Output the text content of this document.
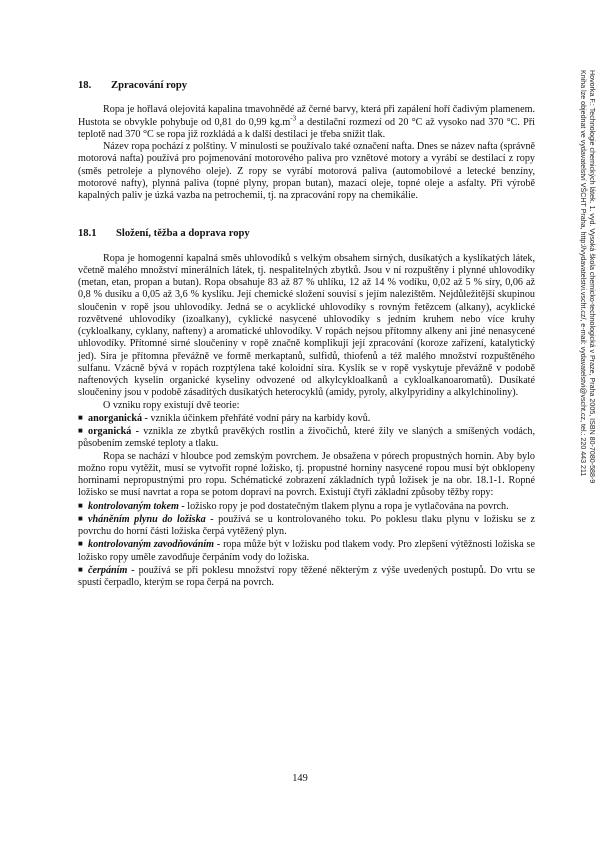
18.	Zpracování ropy

Ropa je hořlavá olejovitá kapalina tmavohnědé až černé barvy, která při zapálení hoří čadivým plamenem. Hustota se obvykle pohybuje od 0,81 do 0,99 $kg.m^{-3}$ a destilační rozmezí od 20 °C až vysoko nad 370 °C. Při teplotě nad 370 °C se ropa již rozkládá a k další destilaci je třeba snížit tlak.

Název ropa pochází z polštiny. V minulosti se používalo také označení nafta. Dnes se název nafta (správně motorová nafta) používá pro pojmenování motorového paliva pro vznětové motory a vyrábí se destilací z ropy (směs petroleje a plynového oleje). Z ropy se vyrábí motorová paliva (automobilové a letecké benzíny, motorové nafty), plynná paliva (topné plyny, propan butan), mazací oleje, topné oleje a asfalty. Při výrobě kapalných paliv je úzká vazba na petrochemii, tj. na zpracování ropy na chemikálie.

18.1	Složení, těžba a doprava ropy

Ropa je homogenní kapalná směs uhlovodíků s velkým obsahem sirných, dusíkatých a kyslíkatých látek, včetně malého množství minerálních látek, tj. nespalitelných zbytků. Jsou v ní rozpuštěny i plynné uhlovodíky (metan, etan, propan a butan). Ropa obsahuje 83 až 87 % uhlíku, 12 až 14 % vodíku, 0,02 až 5 % síry, 0,06 až 0,8 % dusíku a 0,05 až 3,6 % kyslíku. Její chemické složení souvisí s jejím nalezištěm. Nejdůležitější skupinou sloučenin v ropě jsou uhlovodíky. Jedná se o acyklické uhlovodíky s rovným řetězcem (alkany), acyklické rozvětvené uhlovodíky (izoalkany), cyklické nasycené uhlovodíky s jedním kruhem nebo více kruhy (cykloalkany, cyklany, nafteny) a aromatické uhlovodíky. V ropách nejsou přítomny alkeny ani jiné nenasycené uhlovodíky. Přítomné sirné sloučeniny v ropě značně komplikují její zpracování (koroze zařízení, katalytický jed). Síra je přítomna převážně ve formě merkaptanů, sulfidů, thiofenů a též malého množství rozpuštěného sulfanu. Vzácně bývá v ropách rozptýlena také koloidní síra. Kyslík se v ropě vyskytuje převážně v podobě naftenových kyselin organické kyseliny odvozené od alkylcykloalkanů a cykloalkanoaromatů). Dusíkaté sloučeniny jsou v podobě zásaditých dusíkatých heterocyklů (amidy, pyroly, alkylpyridiny a alkylchinoliny).

O vzniku ropy existují dvě teorie:

■ anorganická - vznikla účinkem přehřáté vodní páry na karbidy kovů.
■ organická - vznikla ze zbytků pravěkých rostlin a živočichů, které žily ve slaných a smíšených vodách, působením zemské teploty a tlaku.

Ropa se nachází v hloubce pod zemským povrchem. Je obsažena v pórech propustných hornin. Aby bylo možno ropu vytěžit, musí se vytvořit ropné ložisko, tj. propustné horniny nasycené ropou musí být obklopeny horninami nepropustnými pro ropu. Schématické zobrazení základních typů ložisek je na obr. 18.1-1. Ropné ložisko se musí navrtat a ropa se potom dopraví na povrch. Existují čtyři základní způsoby těžby ropy:

■ kontrolovaným tokem - ložisko ropy je pod dostatečným tlakem plynu a ropa je vytlačována na povrch.
■ vháněním plynu do ložiska - používá se u kontrolovaného toku. Po poklesu tlaku plynu v ložisku se z povrchu do horní části ložiska čerpá vytěžený plyn.
■ kontrolovaným zavodňováním - ropa může být v ložisku pod tlakem vody. Pro zlepšení výtěžnosti ložiska se ložisko ropy uměle zavodňuje čerpáním vody do ložiska.
■ čerpáním - používá se při poklesu množství ropy těžené některým z výše uvedených postupů. Do vrtu se spustí čerpadlo, kterým se ropa čerpá na povrch.
Hovorka F.: Technologie chemických látek. 1. vyd. Vysoká škola chemicko-technologická v Praze, Praha 2005, ISBN 80-7080-588-9
Kniha lze objednat ve vydavatelství VŠCHT Praha, http://vydavatelstvi.vscht.cz/, e-mail: vydavatelstvi@vscht.cz, tel.: 220 443 211
149
